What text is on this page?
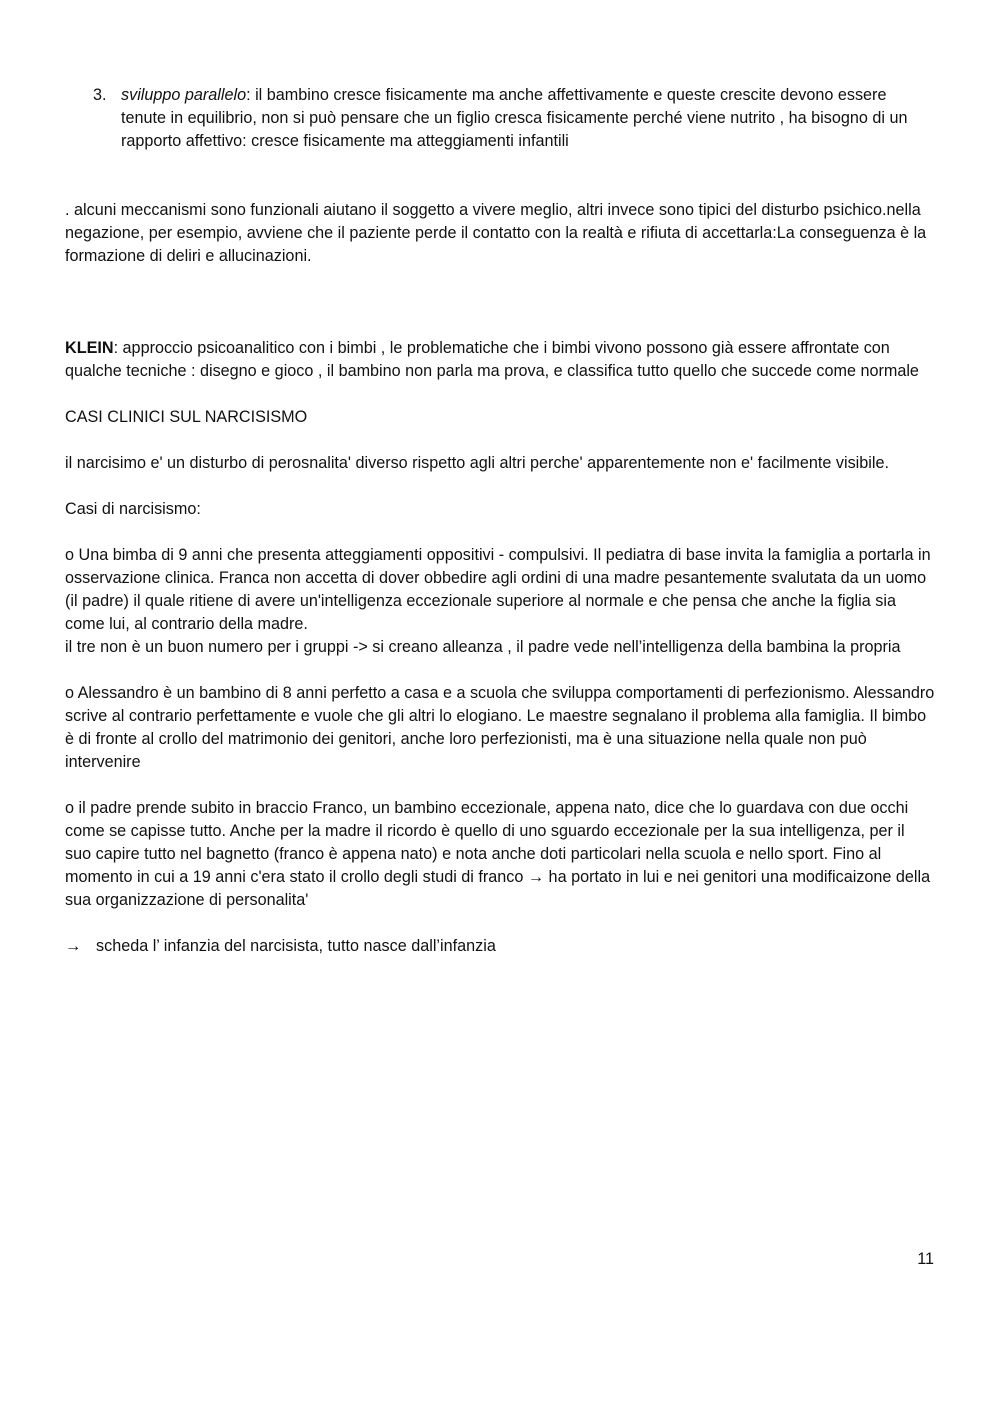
3. sviluppo parallelo: il bambino cresce fisicamente ma anche affettivamente e queste crescite devono essere tenute in equilibrio, non si può pensare che un figlio cresca fisicamente perché viene nutrito , ha bisogno di un rapporto affettivo: cresce fisicamente ma atteggiamenti infantili

. alcuni meccanismi sono funzionali aiutano il soggetto a vivere meglio, altri invece sono tipici del disturbo psichico.nella negazione, per esempio, avviene che il paziente perde il contatto con la realtà e rifiuta di accettarla:La conseguenza è la formazione di deliri e allucinazioni.

KLEIN: approccio psicoanalitico con i bimbi , le problematiche che i bimbi vivono possono già essere affrontate con qualche tecniche : disegno e gioco , il bambino non parla ma prova, e classifica tutto quello che succede come normale

CASI CLINICI SUL NARCISISMO

il narcisimo e' un disturbo di perosnalita' diverso rispetto agli altri perche' apparentemente non e' facilmente visibile.

Casi di narcisismo:

o Una bimba di 9 anni che presenta atteggiamenti oppositivi - compulsivi. Il pediatra di base invita la famiglia a portarla in osservazione clinica. Franca non accetta di dover obbedire agli ordini di una madre pesantemente svalutata da un uomo (il padre) il quale ritiene di avere un'intelligenza eccezionale superiore al normale e che pensa che anche la figlia sia come lui, al contrario della madre.

il tre non è un buon numero per i gruppi -> si creano alleanza , il padre vede nell’intelligenza della bambina la propria

o Alessandro è un bambino di 8 anni perfetto a casa e a scuola che sviluppa comportamenti di perfezionismo. Alessandro scrive al contrario perfettamente e vuole che gli altri lo elogiano. Le maestre segnalano il problema alla famiglia. Il bimbo è di fronte al crollo del matrimonio dei genitori, anche loro perfezionisti, ma è una situazione nella quale non può intervenire

o il padre prende subito in braccio Franco, un bambino eccezionale, appena nato, dice che lo guardava con due occhi come se capisse tutto. Anche per la madre il ricordo è quello di uno sguardo eccezionale per la sua intelligenza, per il suo capire tutto nel bagnetto (franco è appena nato) e nota anche doti particolari nella scuola e nello sport. Fino al momento in cui a 19 anni c'era stato il crollo degli studi di franco → ha portato in lui e nei genitori una modificaizone della sua organizzazione di personalita'

→ scheda l’ infanzia del narcisista, tutto nasce dall’infanzia

11
